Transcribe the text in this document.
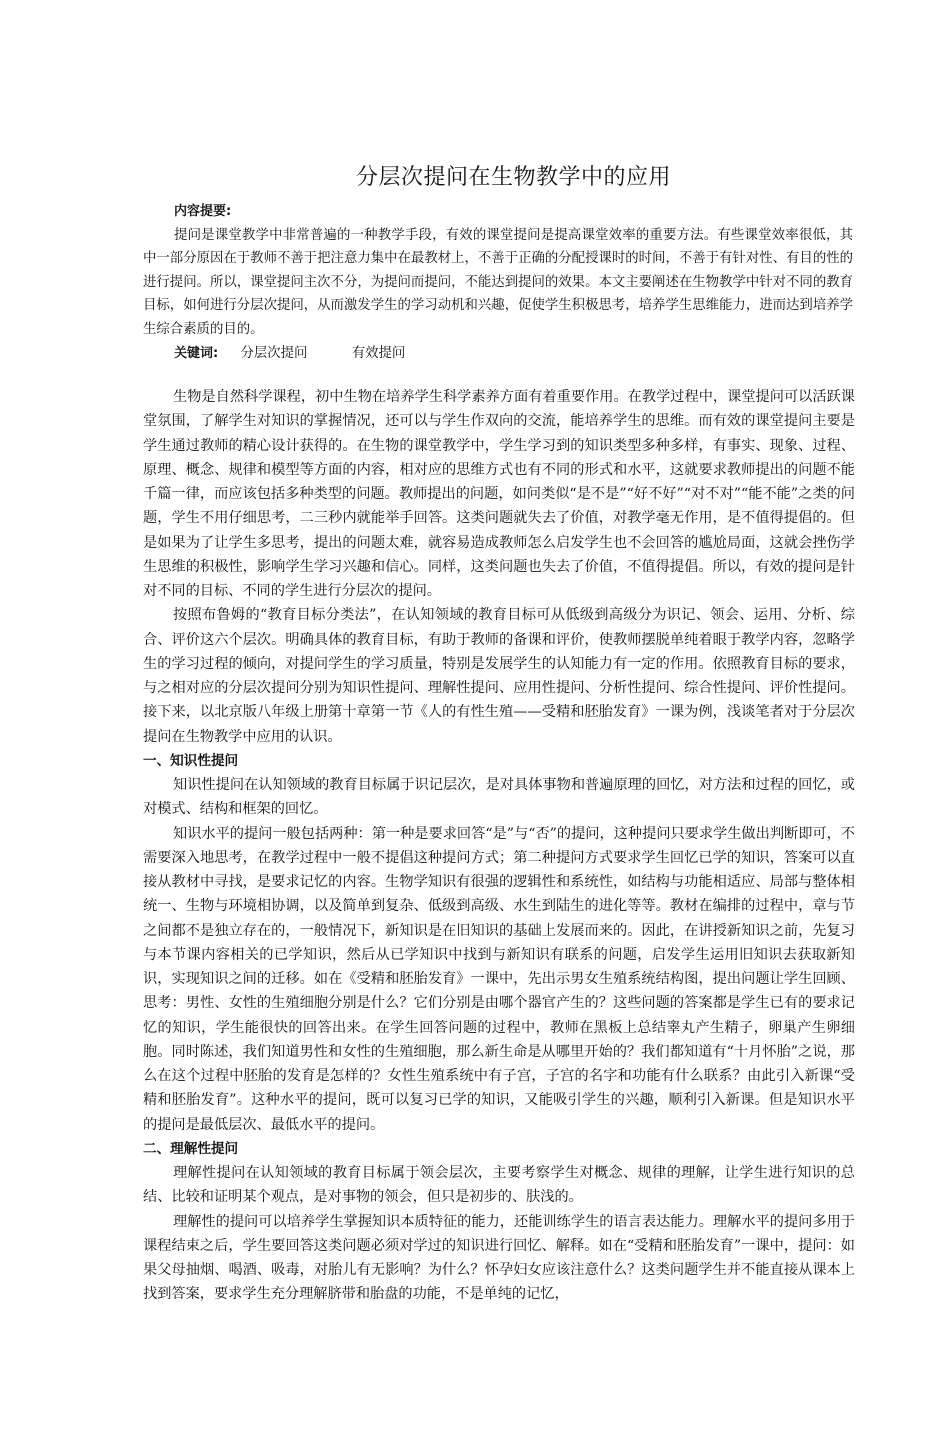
分层次提问在生物教学中的应用
内容提要:

提问是课堂教学中非常普遍的一种教学手段，有效的课堂提问是提高课堂效率的重要方法。有些课堂效率很低，其中一部分原因在于教师不善于把注意力集中在最教材上，不善于正确的分配授课时的时间，不善于有针对性、有目的性的进行提问。所以，课堂提问主次不分，为提问而提问，不能达到提问的效果。本文主要阐述在生物教学中针对不同的教育目标，如何进行分层次提问，从而激发学生的学习动机和兴趣，促使学生积极思考，培养学生思维能力，进而达到培养学生综合素质的目的。

关键词: 分层次提问	有效提问

生物是自然科学课程，初中生物在培养学生科学素养方面有着重要作用。在教学过程中，课堂提问可以活跃课堂氛围，了解学生对知识的掌握情况，还可以与学生作双向的交流，能培养学生的思维。而有效的课堂提问主要是学生通过教师的精心设计获得的。在生物的课堂教学中，学生学习到的知识类型多种多样，有事实、现象、过程、原理、概念、规律和模型等方面的内容，相对应的思维方式也有不同的形式和水平，这就要求教师提出的问题不能千篇一律，而应该包括多种类型的问题。教师提出的问题，如问类似“是不是”“好不好”“对不对”“能不能”之类的问题，学生不用仔细思考，二三秒内就能举手回答。这类问题就失去了价值，对教学毫无作用，是不值得提倡的。但是如果为了让学生多思考，提出的问题太难，就容易造成教师怎么启发学生也不会回答的尴尬局面，这就会挫伤学生思维的积极性，影响学生学习兴趣和信心。同样，这类问题也失去了价值，不值得提倡。所以，有效的提问是针对不同的目标、不同的学生进行分层次的提问。

按照布鲁姆的“教育目标分类法”，在认知领域的教育目标可从低级到高级分为识记、领会、运用、分析、综合、评价这六个层次。明确具体的教育目标，有助于教师的备课和评价，使教师摆脱单纯着眼于教学内容，忽略学生的学习过程的倾向，对提问学生的学习质量，特别是发展学生的认知能力有一定的作用。依照教育目标的要求，与之相对应的分层次提问分别为知识性提问、理解性提问、应用性提问、分析性提问、综合性提问、评价性提问。接下来，以北京版八年级上册第十章第一节《人的有性生殖——受精和胚胎发育》一课为例，浅谈笔者对于分层次提问在生物教学中应用的认识。

一、知识性提问

知识性提问在认知领域的教育目标属于识记层次，是对具体事物和普遍原理的回忆，对方法和过程的回忆，或对模式、结构和框架的回忆。

知识水平的提问一般包括两种：第一种是要求回答“是”与“否”的提问，这种提问只要求学生做出判断即可，不需要深入地思考，在教学过程中一般不提倡这种提问方式；第二种提问方式要求学生回忆已学的知识，答案可以直接从教材中寻找，是要求记忆的内容。生物学知识有很强的逻辑性和系统性，如结构与功能相适应、局部与整体相统一、生物与环境相协调，以及简单到复杂、低级到高级、水生到陆生的进化等等。教材在编排的过程中，章与节之间都不是独立存在的，一般情况下，新知识是在旧知识的基础上发展而来的。因此，在讲授新知识之前，先复习与本节课内容相关的已学知识，然后从已学知识中找到与新知识有联系的问题，启发学生运用旧知识去获取新知识，实现知识之间的迁移。如在《受精和胚胎发育》一课中，先出示男女生殖系统结构图，提出问题让学生回顾、思考：男性、女性的生殖细胞分别是什么？它们分别是由哪个器官产生的？这些问题的答案都是学生已有的要求记忆的知识，学生能很快的回答出来。在学生回答问题的过程中，教师在黑板上总结睾丸产生精子，卵巢产生卵细胞。同时陈述，我们知道男性和女性的生殖细胞，那么新生命是从哪里开始的？我们都知道有“十月怀胎”之说，那么在这个过程中胚胎的发育是怎样的？女性生殖系统中有子宫，子宫的名字和功能有什么联系？由此引入新课“受精和胚胎发育”。这种水平的提问，既可以复习已学的知识，又能吸引学生的兴趣，顺利引入新课。但是知识水平的提问是最低层次、最低水平的提问。

二、理解性提问

理解性提问在认知领域的教育目标属于领会层次，主要考察学生对概念、规律的理解，让学生进行知识的总结、比较和证明某个观点，是对事物的领会，但只是初步的、肤浅的。

理解性的提问可以培养学生掌握知识本质特征的能力，还能训练学生的语言表达能力。理解水平的提问多用于课程结束之后，学生要回答这类问题必须对学过的知识进行回忆、解释。如在“受精和胚胎发育”一课中，提问：如果父母抽烟、喝酒、吸毒，对胎儿有无影响？为什么？怀孕妇女应该注意什么？这类问题学生并不能直接从课本上找到答案，要求学生充分理解脐带和胎盘的功能，不是单纯的记忆，
